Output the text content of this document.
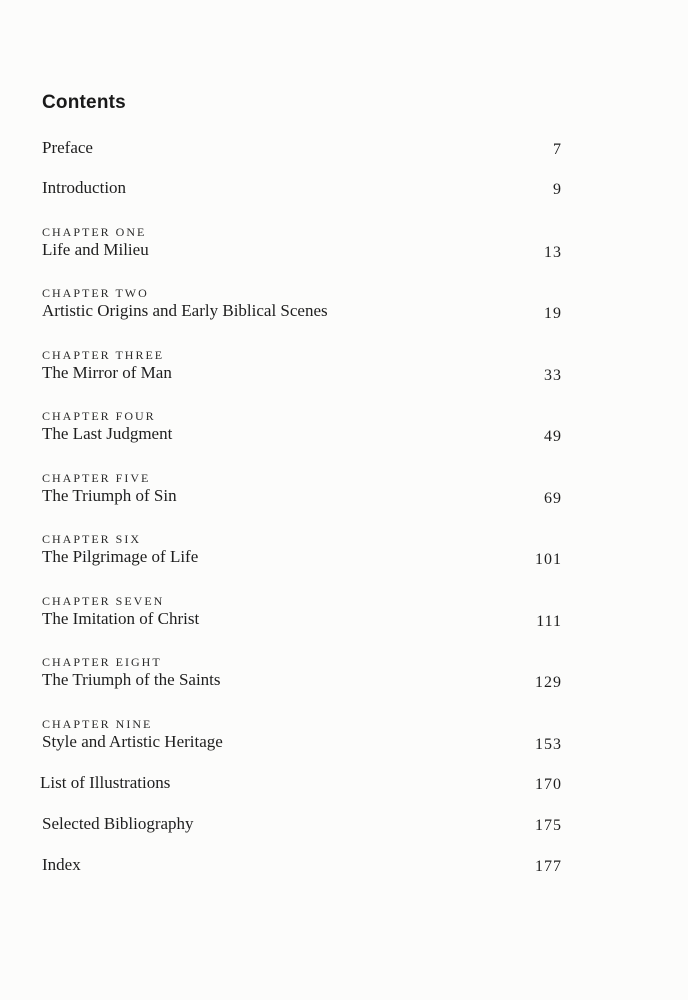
Contents
Preface	7
Introduction	9
CHAPTER ONE
Life and Milieu	13
CHAPTER TWO
Artistic Origins and Early Biblical Scenes	19
CHAPTER THREE
The Mirror of Man	33
CHAPTER FOUR
The Last Judgment	49
CHAPTER FIVE
The Triumph of Sin	69
CHAPTER SIX
The Pilgrimage of Life	101
CHAPTER SEVEN
The Imitation of Christ	111
CHAPTER EIGHT
The Triumph of the Saints	129
CHAPTER NINE
Style and Artistic Heritage	153
List of Illustrations	170
Selected Bibliography	175
Index	177
